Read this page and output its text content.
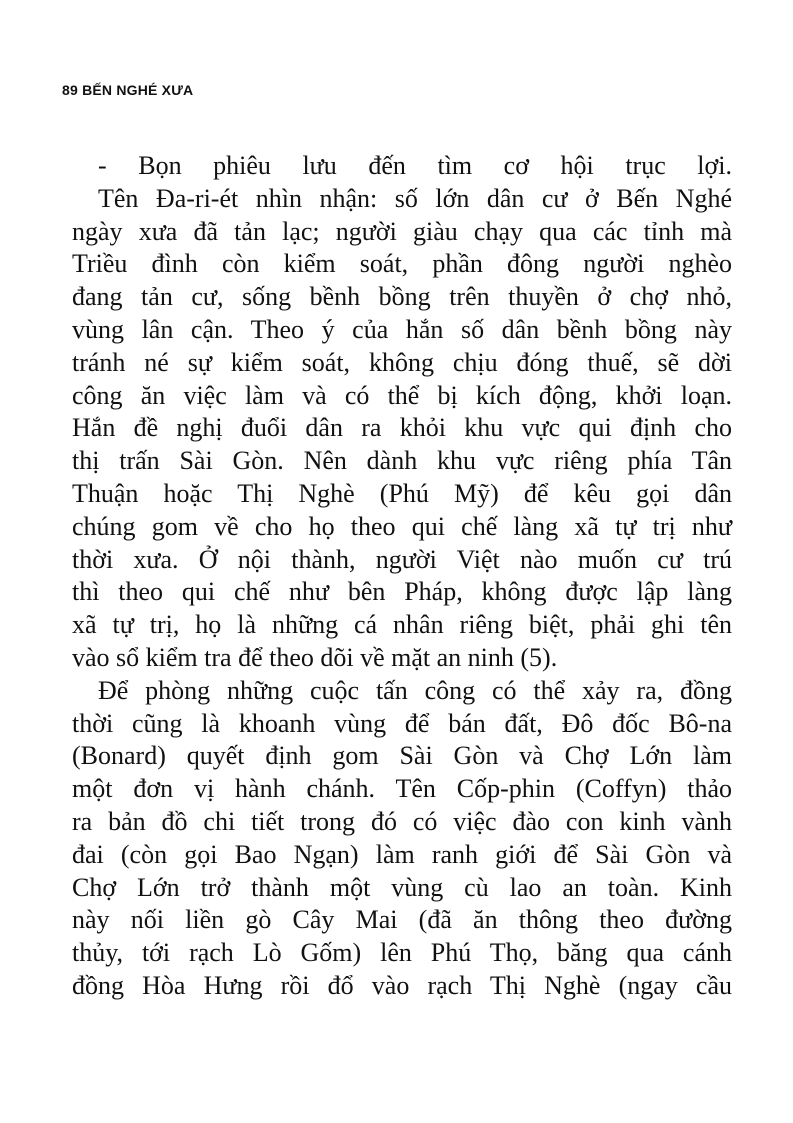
89 BẾN NGHÉ XƯA
- Bọn phiêu lưu đến tìm cơ hội trục lợi.
Tên Đa-ri-ét nhìn nhận: số lớn dân cư ở Bến Nghé
ngày xưa đã tản lạc; người giàu chạy qua các tỉnh mà
Triều đình còn kiểm soát, phần đông người nghèo
đang tản cư, sống bềnh bồng trên thuyền ở chợ nhỏ,
vùng lân cận. Theo ý của hắn số dân bềnh bồng này
tránh né sự kiểm soát, không chịu đóng thuế, sẽ dời
công ăn việc làm và có thể bị kích động, khởi loạn.
Hắn đề nghị đuổi dân ra khỏi khu vực qui định cho
thị trấn Sài Gòn. Nên dành khu vực riêng phía Tân
Thuận hoặc Thị Nghè (Phú Mỹ) để kêu gọi dân
chúng gom về cho họ theo qui chế làng xã tự trị như
thời xưa. Ở nội thành, người Việt nào muốn cư trú
thì theo qui chế như bên Pháp, không được lập làng
xã tự trị, họ là những cá nhân riêng biệt, phải ghi tên
vào sổ kiểm tra để theo dõi về mặt an ninh (5).
Để phòng những cuộc tấn công có thể xảy ra, đồng
thời cũng là khoanh vùng để bán đất, Đô đốc Bô-na
(Bonard) quyết định gom Sài Gòn và Chợ Lớn làm
một đơn vị hành chánh. Tên Cốp-phin (Coffyn) thảo
ra bản đồ chi tiết trong đó có việc đào con kinh vành
đai (còn gọi Bao Ngạn) làm ranh giới để Sài Gòn và
Chợ Lớn trở thành một vùng cù lao an toàn. Kinh
này nối liền gò Cây Mai (đã ăn thông theo đường
thủy, tới rạch Lò Gốm) lên Phú Thọ, băng qua cánh
đồng Hòa Hưng rồi đổ vào rạch Thị Nghè (ngay cầu
